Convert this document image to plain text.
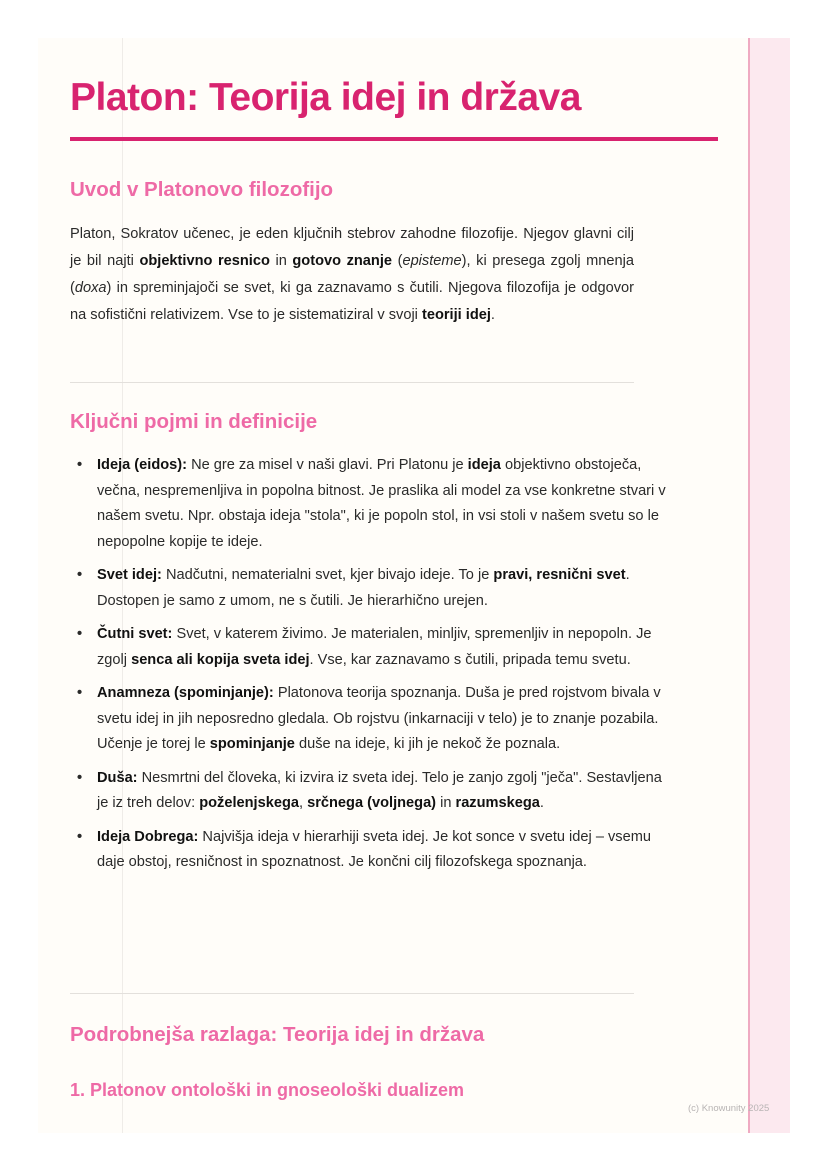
Platon: Teorija idej in država
Uvod v Platonovo filozofijo
Platon, Sokratov učenec, je eden ključnih stebrov zahodne filozofije. Njegov glavni cilj je bil najti objektivno resnico in gotovo znanje (episteme), ki presega zgolj mnenja (doxa) in spreminjajoči se svet, ki ga zaznavamo s čutili. Njegova filozofija je odgovor na sofistični relativizem. Vse to je sistematiziral v svoji teoriji idej.
Ključni pojmi in definicije
• Ideja (eidos): Ne gre za misel v naši glavi. Pri Platonu je ideja objektivno obstoječa, večna, nespremenljiva in popolna bitnost. Je praslika ali model za vse konkretne stvari v našem svetu. Npr. obstaja ideja "stola", ki je popoln stol, in vsi stoli v našem svetu so le nepopolne kopije te ideje.
• Svet idej: Nadčutni, nematerialni svet, kjer bivajo ideje. To je pravi, resnični svet. Dostopen je samo z umom, ne s čutili. Je hierarhično urejen.
• Čutni svet: Svet, v katerem živimo. Je materialen, minljiv, spremenljiv in nepopoln. Je zgolj senca ali kopija sveta idej. Vse, kar zaznavamo s čutili, pripada temu svetu.
• Anamneza (spominjanje): Platonova teorija spoznanja. Duša je pred rojstvom bivala v svetu idej in jih neposredno gledala. Ob rojstvu (inkarnaciji v telo) je to znanje pozabila. Učenje je torej le spominjanje duše na ideje, ki jih je nekoč že poznala.
• Duša: Nesmrtni del človeka, ki izvira iz sveta idej. Telo je zanjo zgolj "ječa". Sestavljena je iz treh delov: poželenjskega, srčnega (voljnega) in razumskega.
• Ideja Dobrega: Najvišja ideja v hierarhiji sveta idej. Je kot sonce v svetu idej – vsemu daje obstoj, resničnost in spoznatnost. Je končni cilj filozofskega spoznanja.
Podrobnejša razlaga: Teorija idej in država
1. Platonov ontološki in gnoseološki dualizem
(c) Knowunity 2025
